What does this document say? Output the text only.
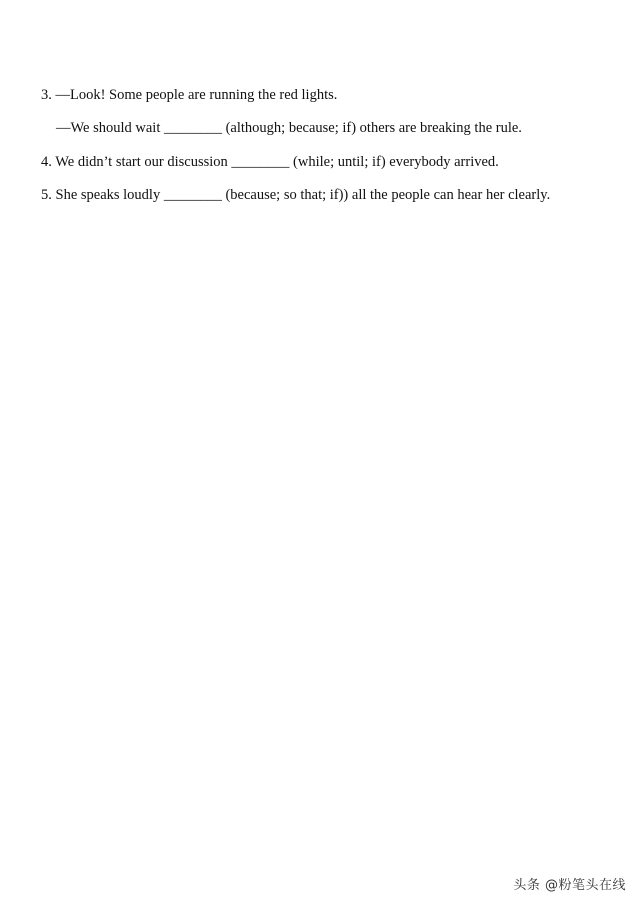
3. —Look! Some people are running the red lights.
—We should wait ________ (although; because; if) others are breaking the rule.
4. We didn’t start our discussion ________ (while; until; if) everybody arrived.
5. She speaks loudly ________ (because; so that; if)) all the people can hear her clearly.
头条 @粉笔头在线
